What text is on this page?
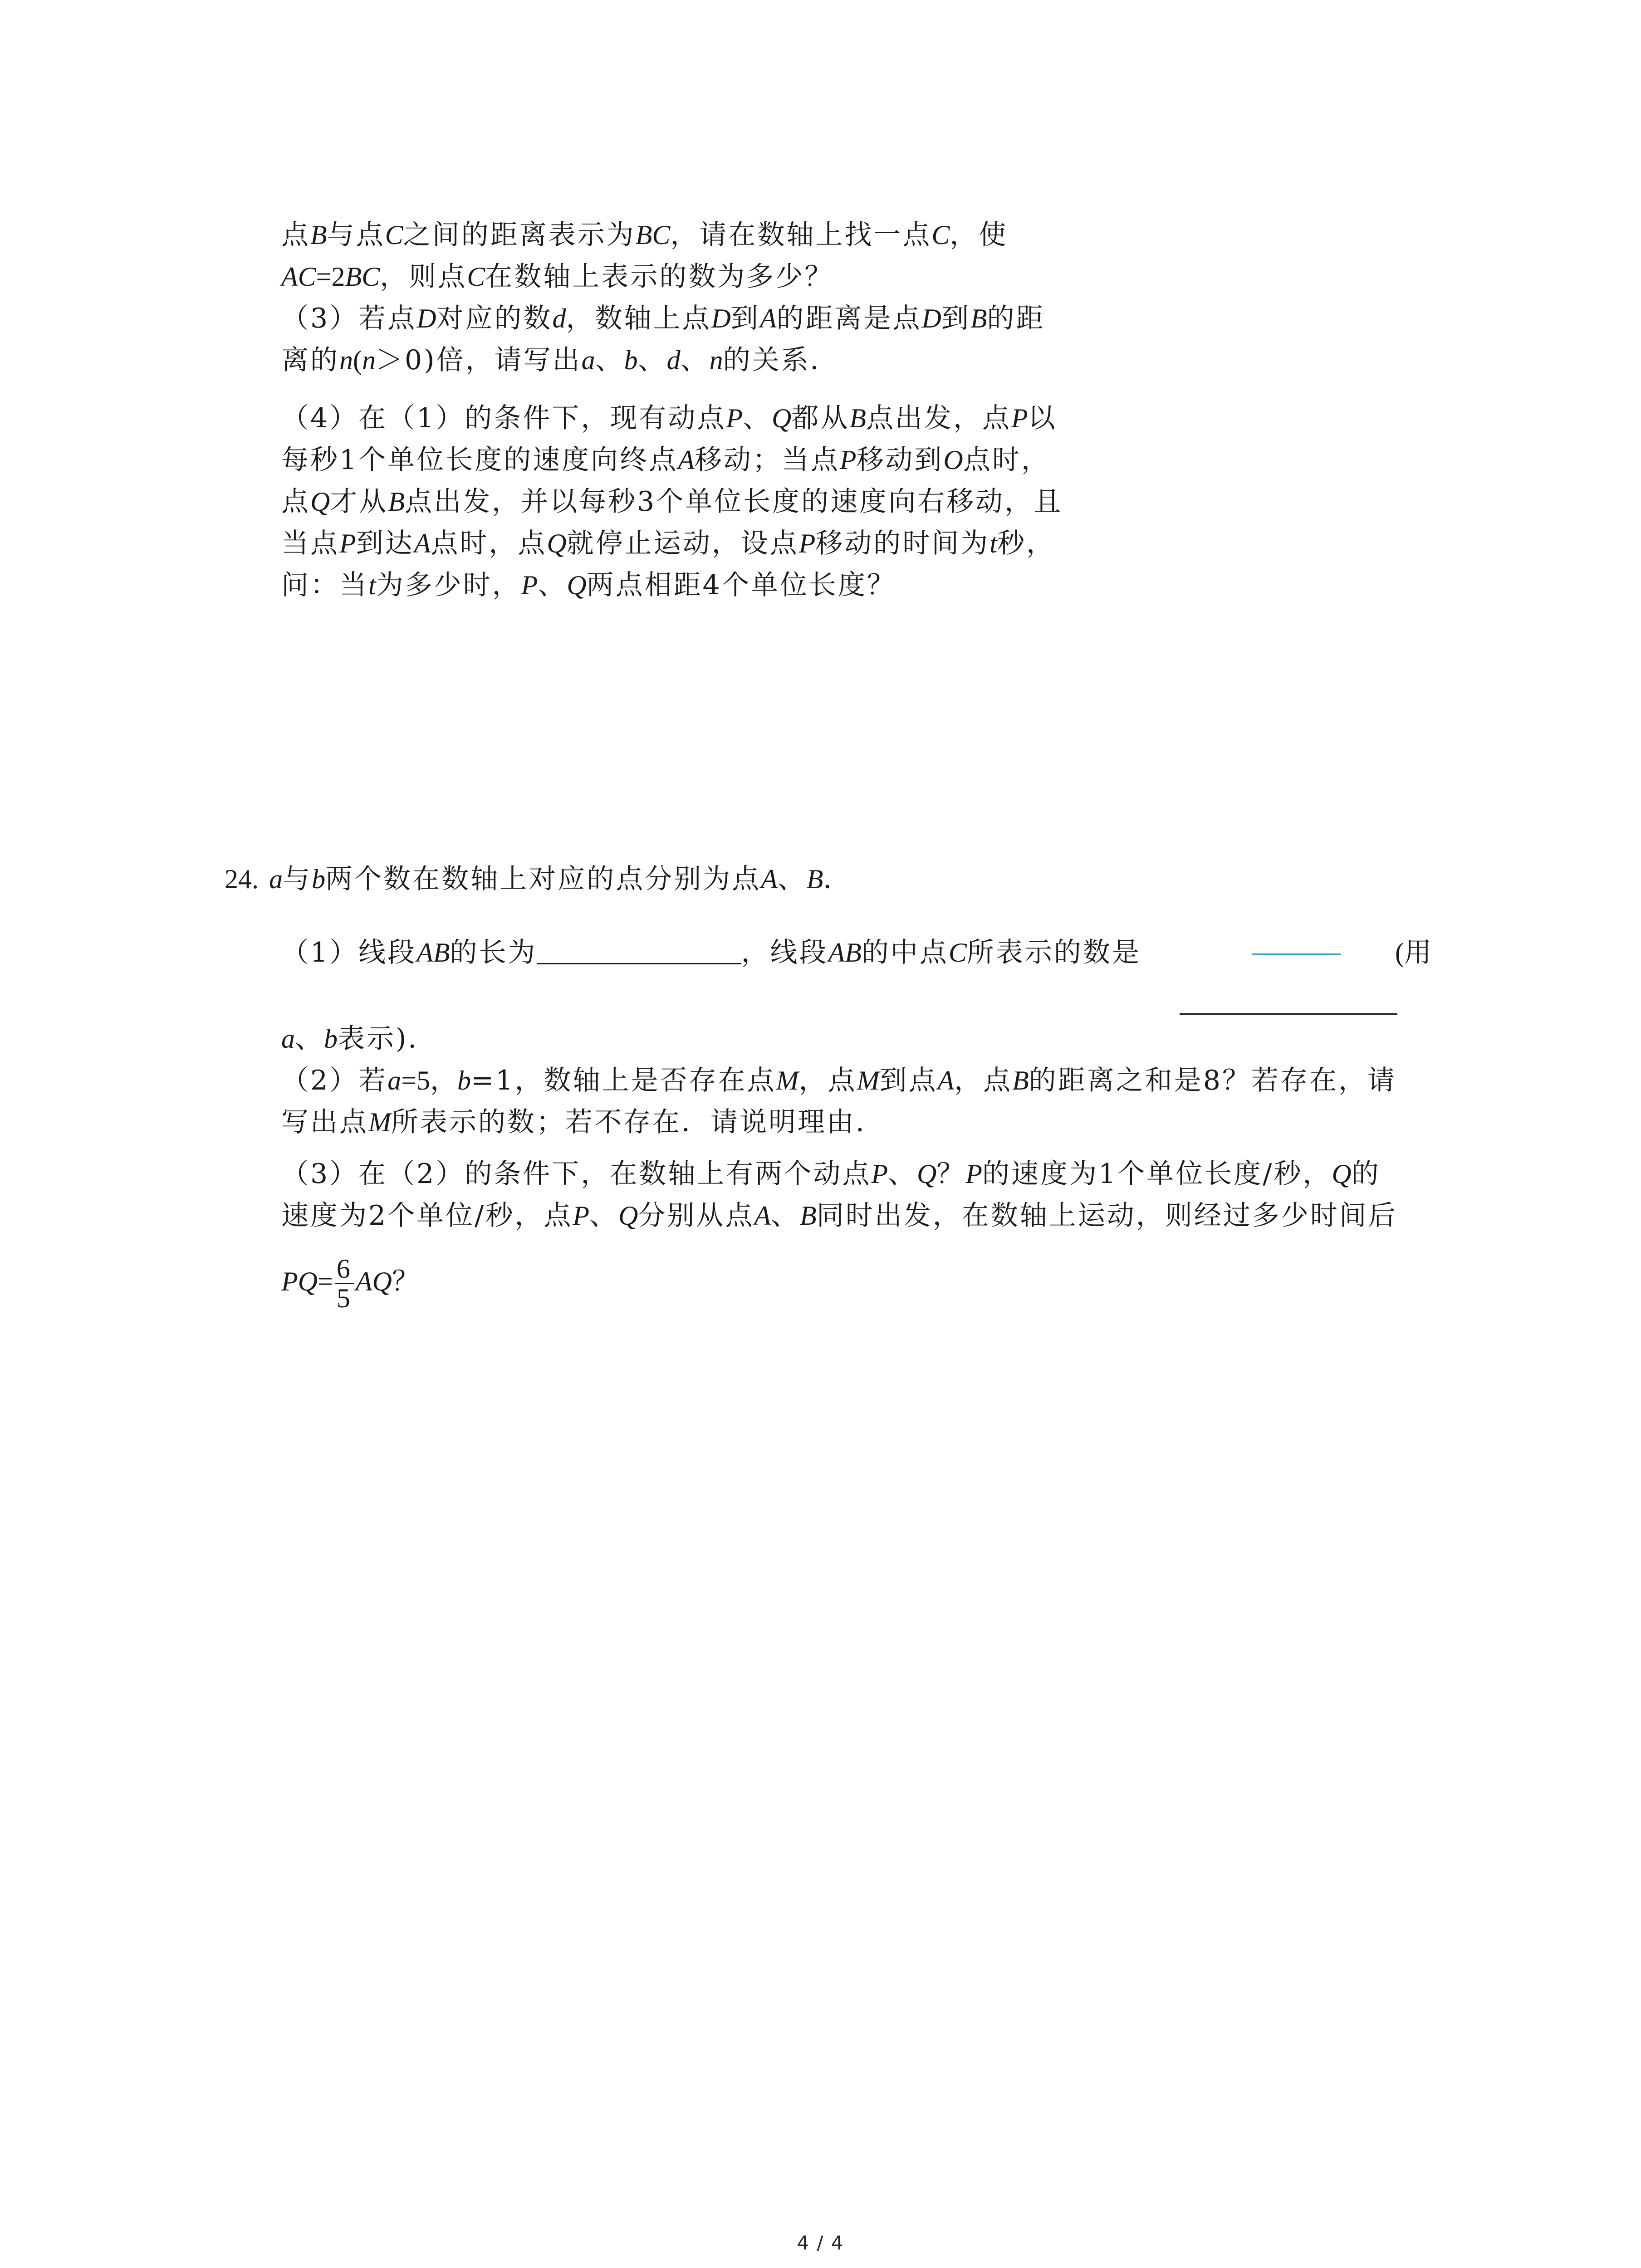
点B与点C之间的距离表示为BC，请在数轴上找一点C，使
AC=2BC，则点C在数轴上表示的数为多少？
（3）若点D对应的数d，数轴上点D到A的距离是点D到B的距
离的n(n＞0)倍，请写出a、b、d、n的关系．
（4）在（1）的条件下，现有动点P、Q都从B点出发，点P以
每秒1个单位长度的速度向终点A移动；当点P移动到O点时，
点Q才从B点出发，并以每秒3个单位长度的速度向右移动，且
当点P到达A点时，点Q就停止运动，设点P移动的时间为t秒，
问：当t为多少时，P、Q两点相距4个单位长度？
24. a与b两个数在数轴上对应的点分别为点A、B．
（1）线段AB的长为	，线段AB的中点C所表示的数是	(用
a、b表示)．
（2）若a=5，b=1，数轴上是否存在点M，点M到点A，点B的距离之和是8？若存在，请
写出点M所表示的数；若不存在．请说明理由．
（3）在（2）的条件下，在数轴上有两个动点P、Q？P的速度为1个单位长度/秒，Q的
速度为2个单位/秒，点P、Q分别从点A、B同时出发，在数轴上运动，则经过多少时间后
$PQ= \frac{6}{5}$ AQ？
4 / 4
